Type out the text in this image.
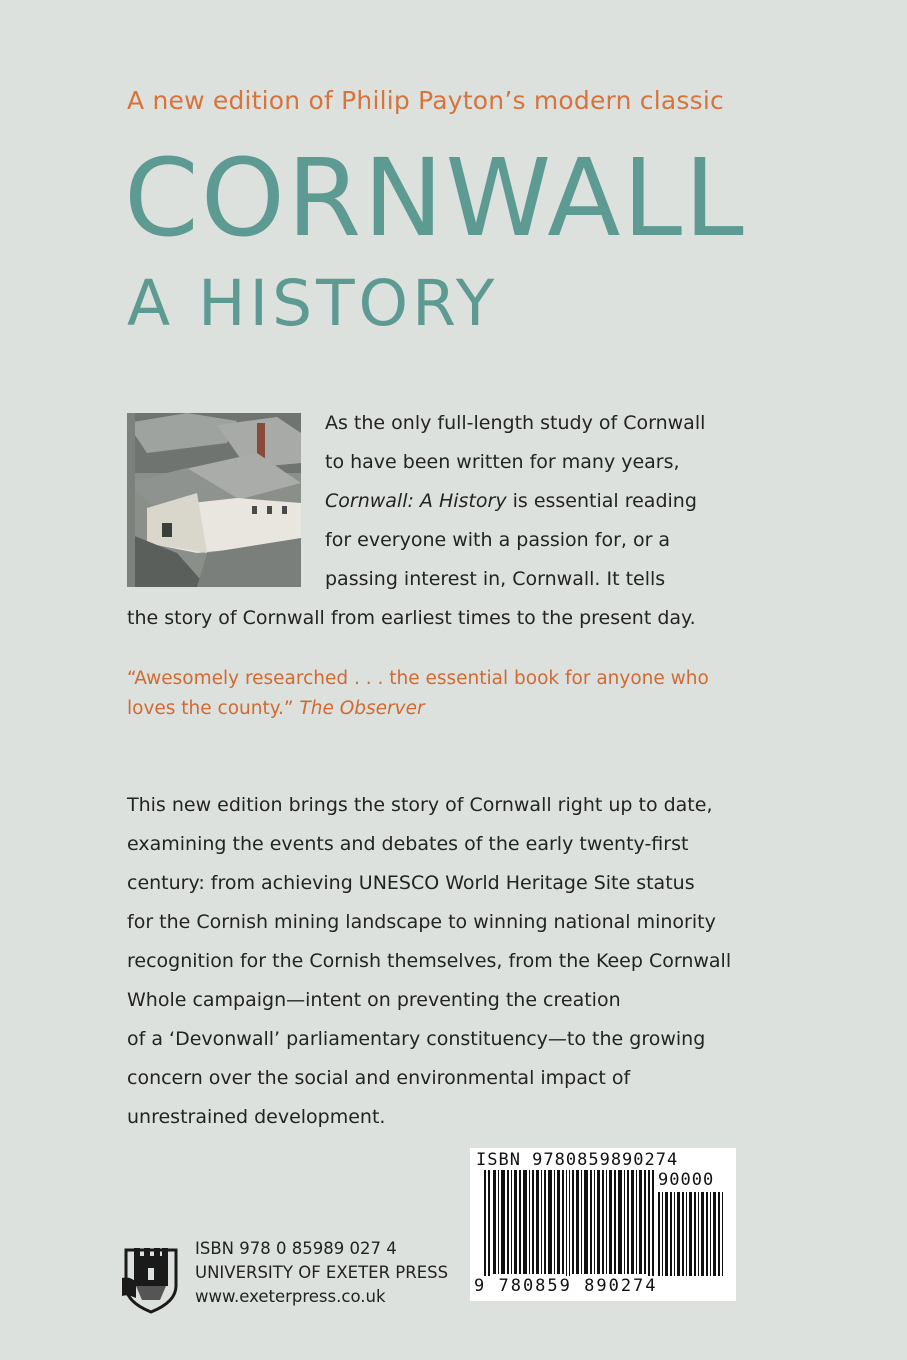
A new edition of Philip Payton’s modern classic
CORNWALL
A HISTORY
As the only full-length study of Cornwall
to have been written for many years,
Cornwall: A History is essential reading
for everyone with a passion for, or a
passing interest in, Cornwall. It tells
the story of Cornwall from earliest times to the present day.
“Awesomely researched . . . the essential book for anyone who loves the county.” The Observer
This new edition brings the story of Cornwall right up to date,
examining the events and debates of the early twenty-first
century: from achieving UNESCO World Heritage Site status
for the Cornish mining landscape to winning national minority
recognition for the Cornish themselves, from the Keep Cornwall
Whole campaign—intent on preventing the creation
of a ‘Devonwall’ parliamentary constituency—to the growing
concern over the social and environmental impact of
unrestrained development.
ISBN 978 0 85989 027 4
UNIVERSITY OF EXETER PRESS
www.exeterpress.co.uk
ISBN 9780859890274
90000
9 780859 890274
